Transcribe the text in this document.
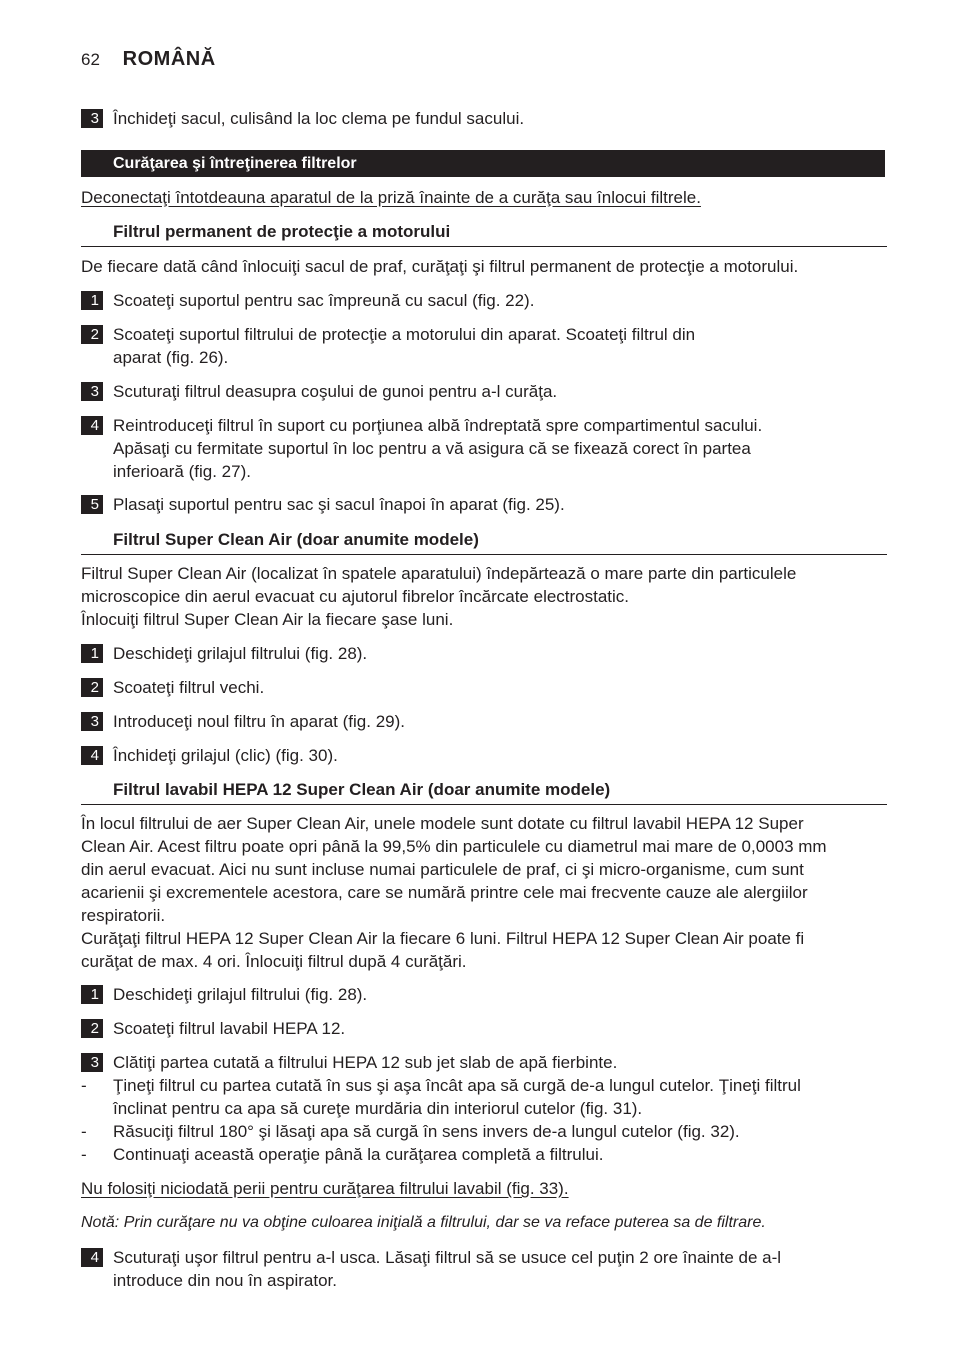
62 ROMÂNĂ
3 Închideţi sacul, culisând la loc clema pe fundul sacului.
Curăţarea şi întreţinerea filtrelor
Deconectaţi întotdeauna aparatul de la priză înainte de a curăţa sau înlocui filtrele.
Filtrul permanent de protecţie a motorului
De fiecare dată când înlocuiţi sacul de praf, curăţaţi şi filtrul permanent de protecţie a motorului.
1 Scoateţi suportul pentru sac împreună cu sacul (fig. 22).
2 Scoateţi suportul filtrului de protecţie a motorului din aparat. Scoateţi filtrul din
aparat (fig. 26).
3 Scuturaţi filtrul deasupra coşului de gunoi pentru a-l curăţa.
4 Reintroduceţi filtrul în suport cu porţiunea albă îndreptată spre compartimentul sacului.
Apăsaţi cu fermitate suportul în loc pentru a vă asigura că se fixează corect în partea
inferioară (fig. 27).
5 Plasaţi suportul pentru sac şi sacul înapoi în aparat (fig. 25).
Filtrul Super Clean Air (doar anumite modele)
Filtrul Super Clean Air (localizat în spatele aparatului) îndepărtează o mare parte din particulele
microscopice din aerul evacuat cu ajutorul fibrelor încărcate electrostatic.
Înlocuiţi filtrul Super Clean Air la fiecare şase luni.
1 Deschideţi grilajul filtrului (fig. 28).
2 Scoateţi filtrul vechi.
3 Introduceţi noul filtru în aparat (fig. 29).
4 Închideţi grilajul (clic) (fig. 30).
Filtrul lavabil HEPA 12 Super Clean Air (doar anumite modele)
În locul filtrului de aer Super Clean Air, unele modele sunt dotate cu filtrul lavabil HEPA 12 Super
Clean Air. Acest filtru poate opri până la 99,5% din particulele cu diametrul mai mare de 0,0003 mm
din aerul evacuat. Aici nu sunt incluse numai particulele de praf, ci şi micro-organisme, cum sunt
acarienii şi excrementele acestora, care se numără printre cele mai frecvente cauze ale alergiilor
respiratorii.
Curăţaţi filtrul HEPA 12 Super Clean Air la fiecare 6 luni. Filtrul HEPA 12 Super Clean Air poate fi
curăţat de max. 4 ori. Înlocuiţi filtrul după 4 curăţări.
1 Deschideţi grilajul filtrului (fig. 28).
2 Scoateţi filtrul lavabil HEPA 12.
3 Clătiţi partea cutată a filtrului HEPA 12 sub jet slab de apă fierbinte.
- Ţineţi filtrul cu partea cutată în sus şi aşa încât apa să curgă de-a lungul cutelor. Ţineţi filtrul
înclinat pentru ca apa să cureţe murdăria din interiorul cutelor (fig. 31).
- Răsuciţi filtrul 180° şi lăsaţi apa să curgă în sens invers de-a lungul cutelor (fig. 32).
- Continuaţi această operaţie până la curăţarea completă a filtrului.
Nu folosiţi niciodată perii pentru curăţarea filtrului lavabil (fig. 33).
Notă: Prin curăţare nu va obţine culoarea iniţială a filtrului, dar se va reface puterea sa de filtrare.
4 Scuturaţi uşor filtrul pentru a-l usca. Lăsaţi filtrul să se usuce cel puţin 2 ore înainte de a-l
introduce din nou în aspirator.
